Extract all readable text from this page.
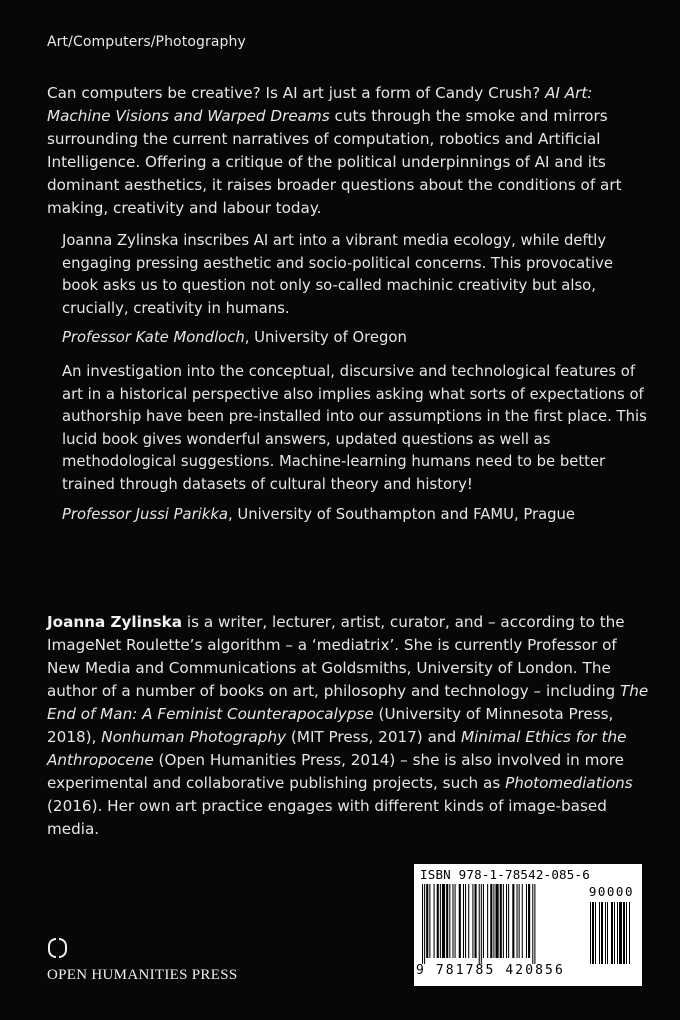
Art/Computers/Photography

Can computers be creative? Is AI art just a form of Candy Crush? AI Art: Machine Visions and Warped Dreams cuts through the smoke and mirrors surrounding the current narratives of computation, robotics and Artificial Intelligence. Offering a critique of the political underpinnings of AI and its dominant aesthetics, it raises broader questions about the conditions of art making, creativity and labour today.

Joanna Zylinska inscribes AI art into a vibrant media ecology, while deftly engaging pressing aesthetic and socio-political concerns. This provocative book asks us to question not only so-called machinic creativity but also, crucially, creativity in humans.

Professor Kate Mondloch, University of Oregon

An investigation into the conceptual, discursive and technological features of art in a historical perspective also implies asking what sorts of expectations of authorship have been pre-installed into our assumptions in the first place. This lucid book gives wonderful answers, updated questions as well as methodological suggestions. Machine-learning humans need to be better trained through datasets of cultural theory and history!

Professor Jussi Parikka, University of Southampton and FAMU, Prague

Joanna Zylinska is a writer, lecturer, artist, curator, and – according to the ImageNet Roulette’s algorithm – a ‘mediatrix’. She is currently Professor of New Media and Communications at Goldsmiths, University of London. The author of a number of books on art, philosophy and technology – including The End of Man: A Feminist Counterapocalypse (University of Minnesota Press, 2018), Nonhuman Photography (MIT Press, 2017) and Minimal Ethics for the Anthropocene (Open Humanities Press, 2014) – she is also involved in more experimental and collaborative publishing projects, such as Photomediations (2016). Her own art practice engages with different kinds of image-based media.

OPEN HUMANITIES PRESS
ISBN 978-1-78542-085-6
90000
9 781785 420856
